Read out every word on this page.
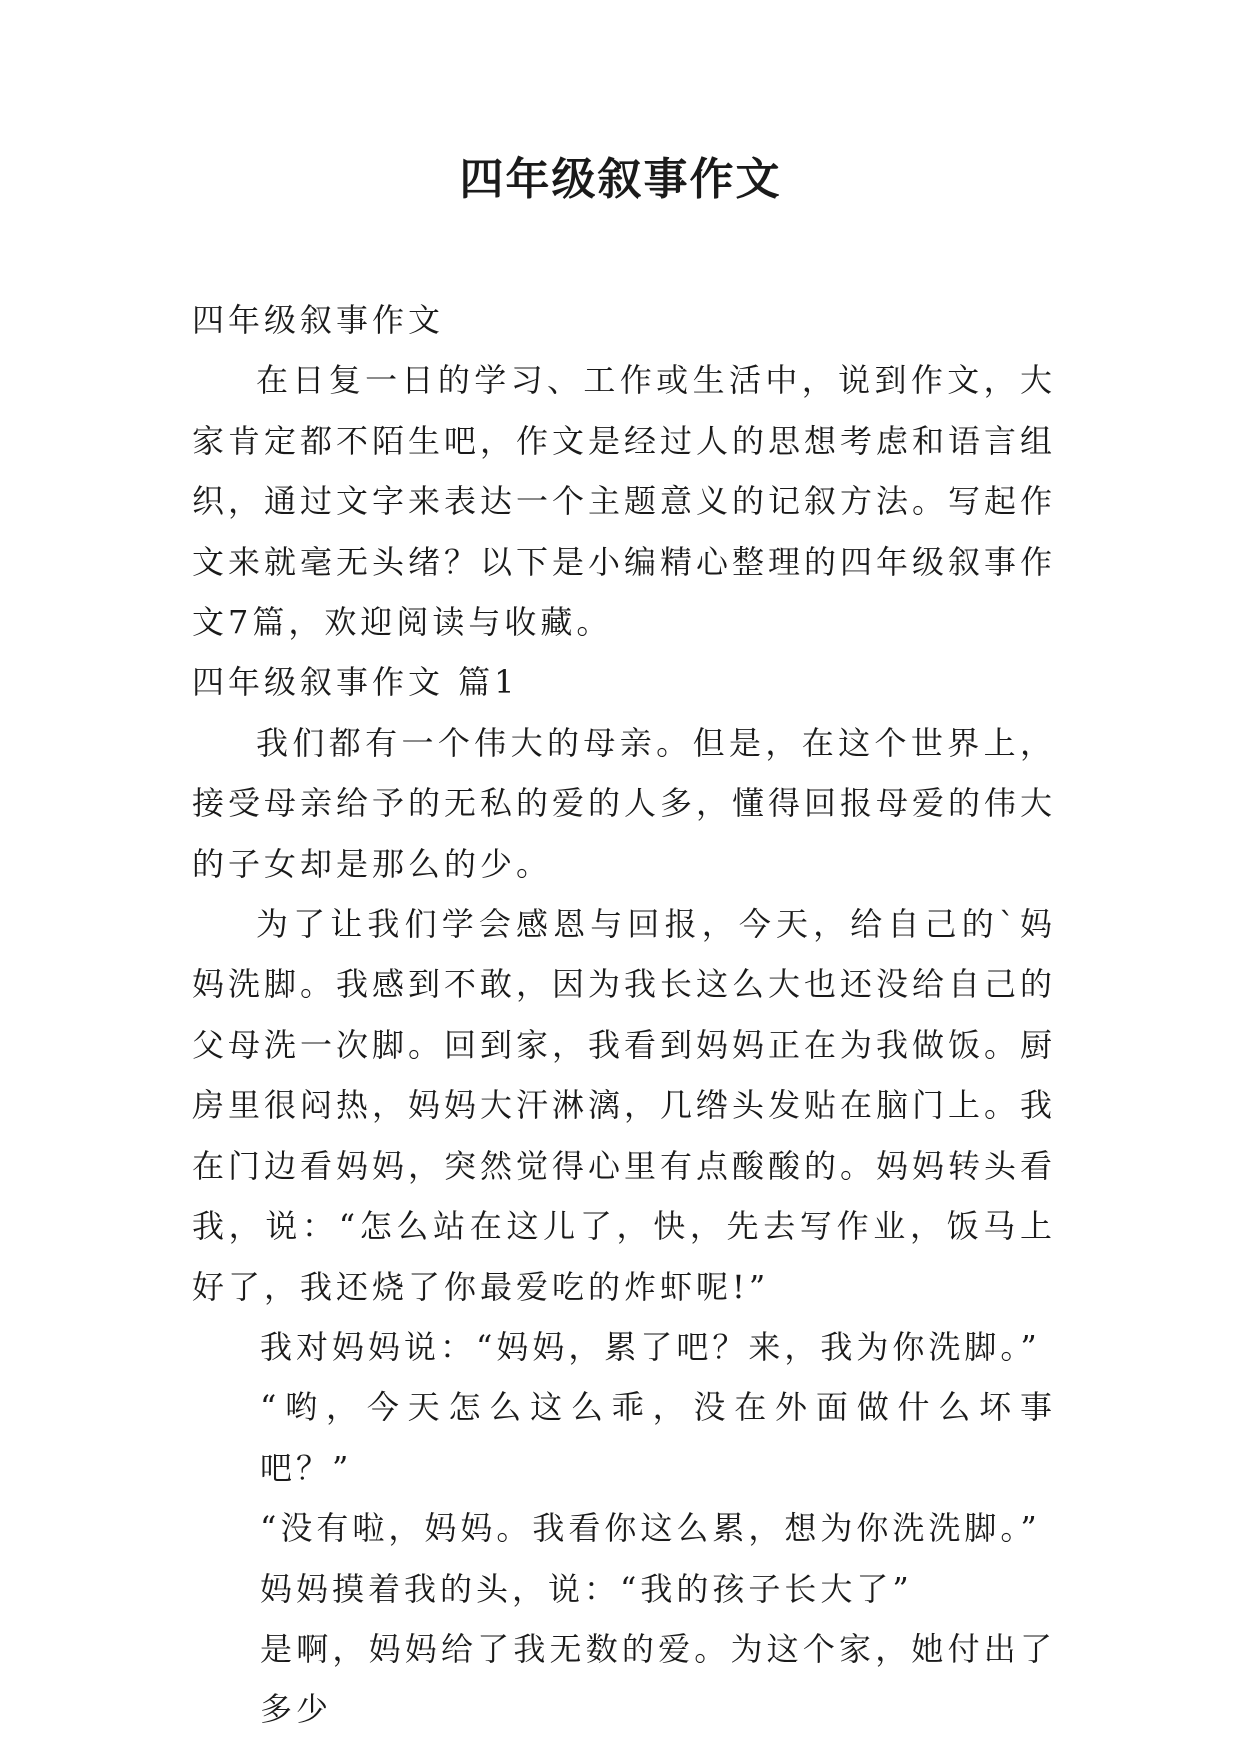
四年级叙事作文

四年级叙事作文

在日复一日的学习、工作或生活中，说到作文，大家肯定都不陌生吧，作文是经过人的思想考虑和语言组织，通过文字来表达一个主题意义的记叙方法。写起作文来就毫无头绪？以下是小编精心整理的四年级叙事作文7篇，欢迎阅读与收藏。

四年级叙事作文 篇1

我们都有一个伟大的母亲。但是，在这个世界上，接受母亲给予的无私的爱的人多，懂得回报母爱的伟大的子女却是那么的少。

为了让我们学会感恩与回报，今天，给自己的`妈妈洗脚。我感到不敢，因为我长这么大也还没给自己的父母洗一次脚。回到家，我看到妈妈正在为我做饭。厨房里很闷热，妈妈大汗淋漓，几绺头发贴在脑门上。我在门边看妈妈，突然觉得心里有点酸酸的。妈妈转头看我，说：“怎么站在这儿了，快，先去写作业，饭马上好了，我还烧了你最爱吃的炸虾呢!”

我对妈妈说：“妈妈，累了吧？来，我为你洗脚。”

“哟，今天怎么这么乖，没在外面做什么坏事吧？”

“没有啦，妈妈。我看你这么累，想为你洗洗脚。”

妈妈摸着我的头，说：“我的孩子长大了”

是啊，妈妈给了我无数的爱。为这个家，她付出了多少
